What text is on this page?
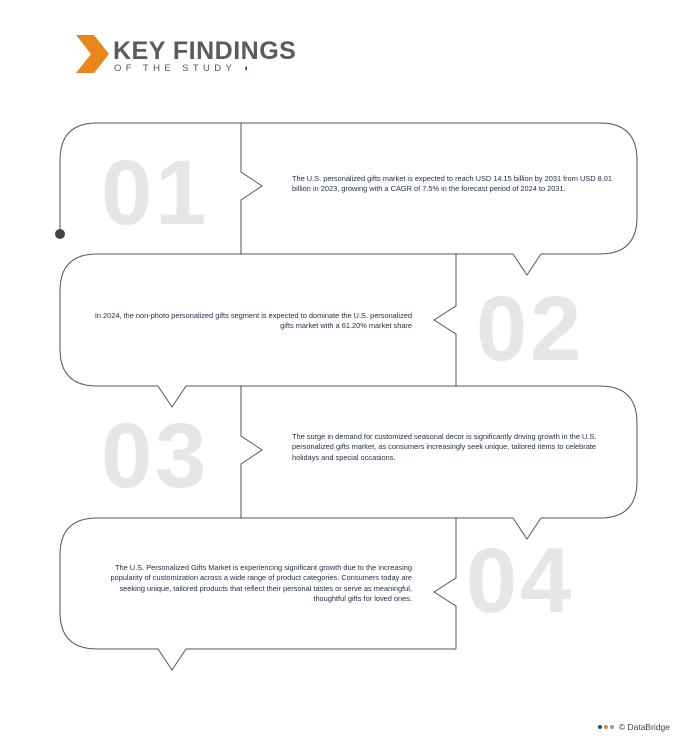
KEY FINDINGS
OF THE STUDY ◖
01
02
03
04
The U.S. personalized gifts market is expected to reach USD 14.15 billion by 2031 from USD 8.01 billion in 2023, growing with a CAGR of 7.5% in the forecast period of 2024 to 2031.
In 2024, the non-photo personalized gifts segment is expected to dominate the U.S. personalized gifts market with a 61.20% market share
The surge in demand for customized seasonal decor is significantly driving growth in the U.S. personalized gifts market, as consumers increasingly seek unique, tailored items to celebrate holidays and special occasions.
The U.S. Personalized Gifts Market is experiencing significant growth due to the increasing popularity of customization across a wide range of product categories. Consumers today are seeking unique, tailored products that reflect their personal tastes or serve as meaningful, thoughtful gifts for loved ones.
© DataBridge
